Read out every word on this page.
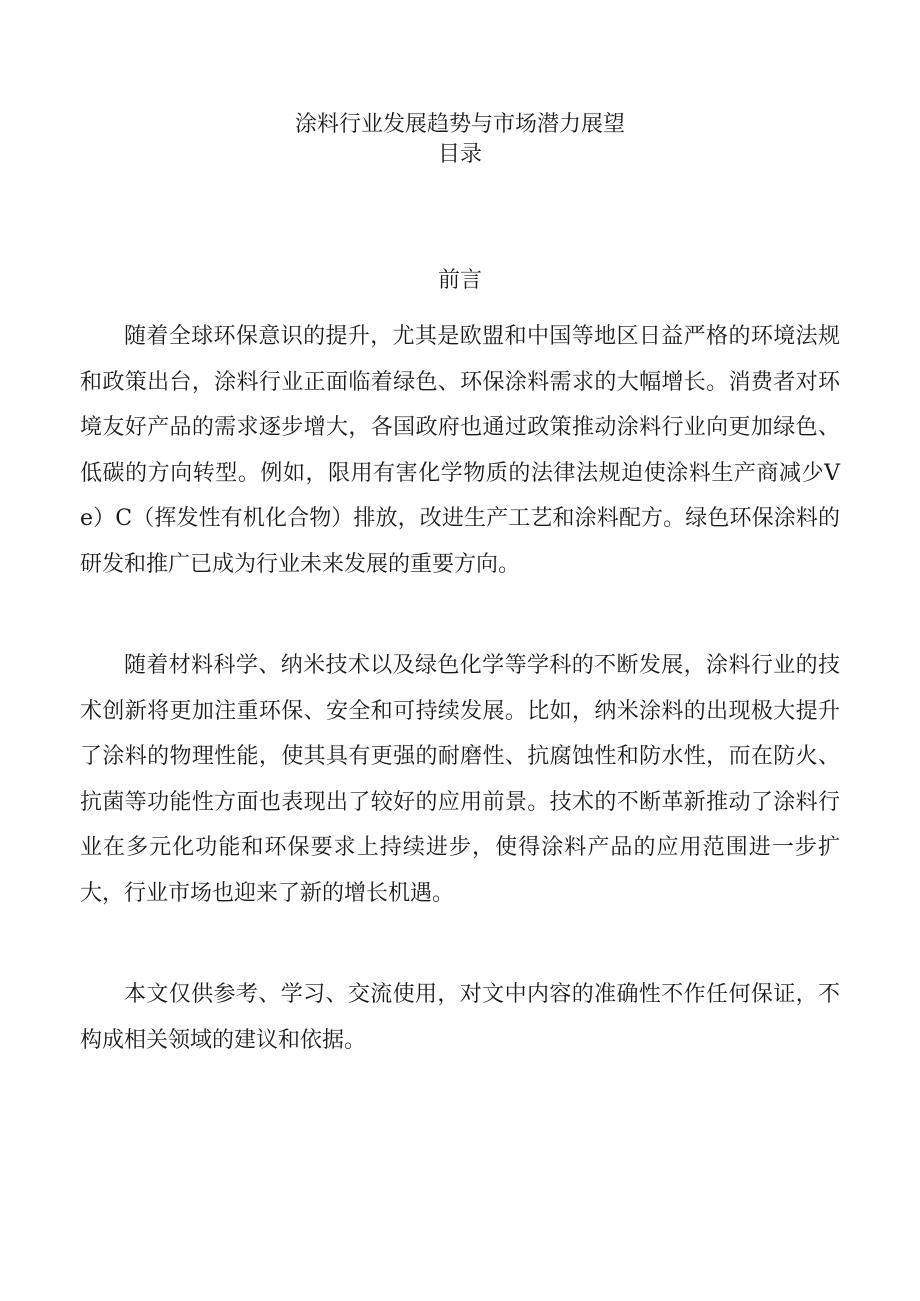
涂料行业发展趋势与市场潜力展望
目录
前言

随着全球环保意识的提升，尤其是欧盟和中国等地区日益严格的环境法规和政策出台，涂料行业正面临着绿色、环保涂料需求的大幅增长。消费者对环境友好产品的需求逐步增大，各国政府也通过政策推动涂料行业向更加绿色、低碳的方向转型。例如，限用有害化学物质的法律法规迫使涂料生产商减少Ve）C（挥发性有机化合物）排放，改进生产工艺和涂料配方。绿色环保涂料的研发和推广已成为行业未来发展的重要方向。

随着材料科学、纳米技术以及绿色化学等学科的不断发展，涂料行业的技术创新将更加注重环保、安全和可持续发展。比如，纳米涂料的出现极大提升了涂料的物理性能，使其具有更强的耐磨性、抗腐蚀性和防水性，而在防火、抗菌等功能性方面也表现出了较好的应用前景。技术的不断革新推动了涂料行业在多元化功能和环保要求上持续进步，使得涂料产品的应用范围进一步扩大，行业市场也迎来了新的增长机遇。

本文仅供参考、学习、交流使用，对文中内容的准确性不作任何保证，不构成相关领域的建议和依据。
